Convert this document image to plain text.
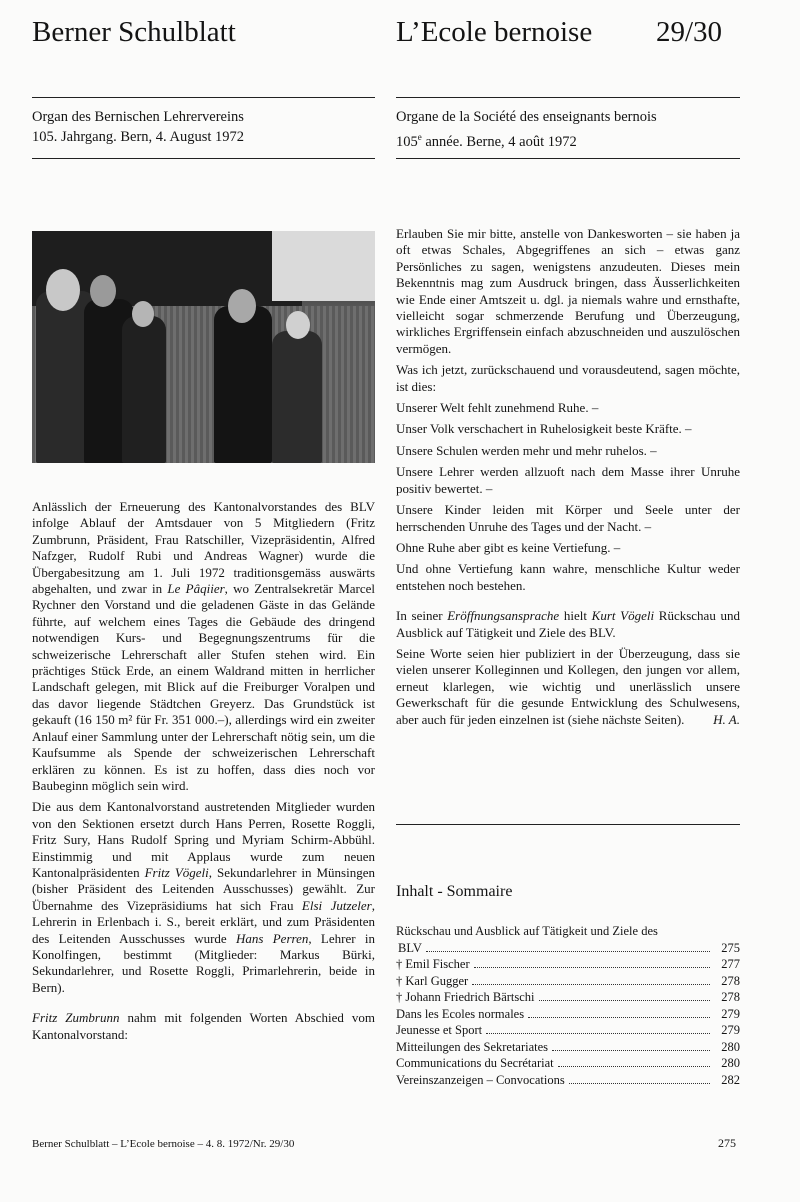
Berner Schulblatt	L’Ecole bernoise 29/30
Organ des Bernischen Lehrervereins
105. Jahrgang. Bern, 4. August 1972
Organe de la Société des enseignants bernois
105e année. Berne, 4 août 1972

Anlässlich der Erneuerung des Kantonalvorstandes des BLV infolge Ablauf der Amtsdauer von 5 Mitgliedern (Fritz Zumbrunn, Präsident, Frau Ratschiller, Vizepräsidentin, Alfred Nafzger, Rudolf Rubi und Andreas Wagner) wurde die Übergabesitzung am 1. Juli 1972 traditionsgemäss auswärts abgehalten, und zwar in Le Pâqiier, wo Zentralsekretär Marcel Rychner den Vorstand und die geladenen Gäste in das Gelände führte, auf welchem eines Tages die Gebäude des dringend notwendigen Kurs- und Begegnungszentrums für die schweizerische Lehrerschaft aller Stufen stehen wird. Ein prächtiges Stück Erde, an einem Waldrand mitten in herrlicher Landschaft gelegen, mit Blick auf die Freiburger Voralpen und das davor liegende Städtchen Greyerz. Das Grundstück ist gekauft (16 150 m² für Fr. 351 000.–), allerdings wird ein zweiter Anlauf einer Sammlung unter der Lehrerschaft nötig sein, um die Kaufsumme als Spende der schweizerischen Lehrerschaft erklären zu können. Es ist zu hoffen, dass dies noch vor Baubeginn möglich sein wird.

Die aus dem Kantonalvorstand austretenden Mitglieder wurden von den Sektionen ersetzt durch Hans Perren, Rosette Roggli, Fritz Sury, Hans Rudolf Spring und Myriam Schirm-Abbühl. Einstimmig und mit Applaus wurde zum neuen Kantonalpräsidenten Fritz Vögeli, Sekundarlehrer in Münsingen (bisher Präsident des Leitenden Ausschusses) gewählt. Zur Übernahme des Vizepräsidiums hat sich Frau Elsi Jutzeler, Lehrerin in Erlenbach i. S., bereit erklärt, und zum Präsidenten des Leitenden Ausschusses wurde Hans Perren, Lehrer in Konolfingen, bestimmt (Mitglieder: Markus Bürki, Sekundarlehrer, und Rosette Roggli, Primarlehrerin, beide in Bern).

Fritz Zumbrunn nahm mit folgenden Worten Abschied vom Kantonalvorstand:

Erlauben Sie mir bitte, anstelle von Dankesworten – sie haben ja oft etwas Schales, Abgegriffenes an sich – etwas ganz Persönliches zu sagen, wenigstens anzudeuten. Dieses mein Bekenntnis mag zum Ausdruck bringen, dass Äusserlichkeiten wie Ende einer Amtszeit u. dgl. ja niemals wahre und ernsthafte, vielleicht sogar schmerzende Berufung und Überzeugung, wirkliches Ergriffensein einfach abzuschneiden und auszulöschen vermögen.

Was ich jetzt, zurückschauend und vorausdeutend, sagen möchte, ist dies:

Unserer Welt fehlt zunehmend Ruhe. –

Unser Volk verschachert in Ruhelosigkeit beste Kräfte. –

Unsere Schulen werden mehr und mehr ruhelos. –

Unsere Lehrer werden allzuoft nach dem Masse ihrer Unruhe positiv bewertet. –

Unsere Kinder leiden mit Körper und Seele unter der herrschenden Unruhe des Tages und der Nacht. –

Ohne Ruhe aber gibt es keine Vertiefung. –

Und ohne Vertiefung kann wahre, menschliche Kultur weder entstehen noch bestehen.

In seiner Eröffnungsansprache hielt Kurt Vögeli Rückschau und Ausblick auf Tätigkeit und Ziele des BLV.

Seine Worte seien hier publiziert in der Überzeugung, dass sie vielen unserer Kolleginnen und Kollegen, den jungen vor allem, erneut klarlegen, wie wichtig und unerlässlich unsere Gewerkschaft für die gesunde Entwicklung des Schulwesens, aber auch für jeden einzelnen ist (siehe nächste Seiten). H. A.

Inhalt - Sommaire
Rückschau und Ausblick auf Tätigkeit und Ziele des
BLV	275
† Emil Fischer	277
† Karl Gugger	278
† Johann Friedrich Bärtschi	278
Dans les Ecoles normales	279
Jeunesse et Sport	279
Mitteilungen des Sekretariates	280
Communications du Secrétariat	280
Vereinszanzeigen – Convocations	282
Berner Schulblatt – L’Ecole bernoise – 4. 8. 1972/Nr. 29/30	275
